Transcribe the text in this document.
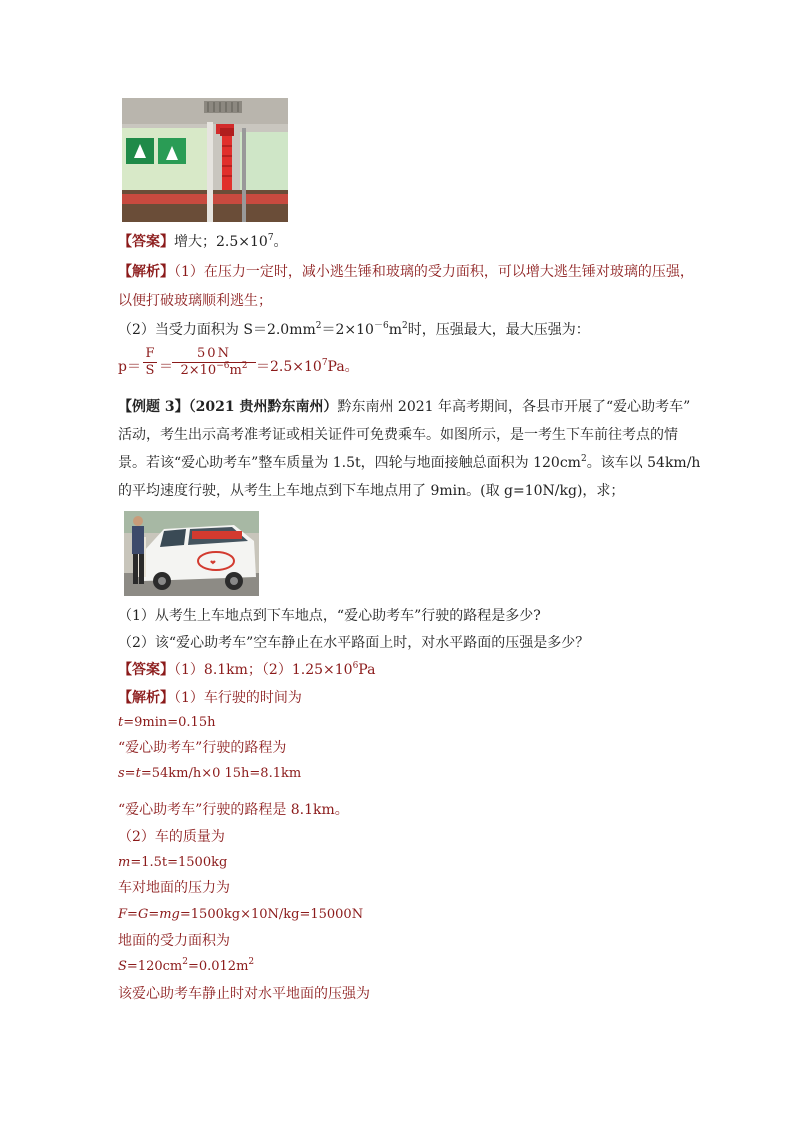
【答案】增大；$2.5\times 10^7$。
【解析】（1）在压力一定时，减小逃生锤和玻璃的受力面积，可以增大逃生锤对玻璃的压强，
以便打破玻璃顺利逃生；
（2）当受力面积为 $S=2.0mm^2=2\times 10^{-6}m^2$时，压强最大，最大压强为：
p＝
F
S ＝
50N
$2\times 10^{-6}m^2 =2.5\times 10^7Pa$。
【例题 3】（2021 贵州黔东南州）黔东南州 2021 年高考期间，各县市开展了“爱心助考车”
活动，考生出示高考准考证或相关证件可免费乘车。如图所示，是一考生下车前往考点的情
景。若该“爱心助考车”整车质量为 1.5t，四轮与地面接触总面积为 $120cm^2$。该车以 54km/h
的平均速度行驶，从考生上车地点到下车地点用了 9min。(取 g=10N/kg)，求；
❤
（1）从考生上车地点到下车地点，“爱心助考车”行驶的路程是多少?
（2）该“爱心助考车”空车静止在水平路面上时，对水平路面的压强是多少？
【答案】（1）8.1km；$(2)1.25\times 10^6Pa$
【解析】（1）车行驶的时间为
t=9min=0.15h
“爱心助考车”行驶的路程为
s=t=54km/h×0 15h=8.1km
“爱心助考车”行驶的路程是 8.1km。
（2）车的质量为
m=1.5t=1500kg
车对地面的压力为
F=G=mg=1500kg×10N/kg=15000N
地面的受力面积为
$S=120cm^2=0.012m^2$
该爱心助考车静止时对水平地面的压强为
